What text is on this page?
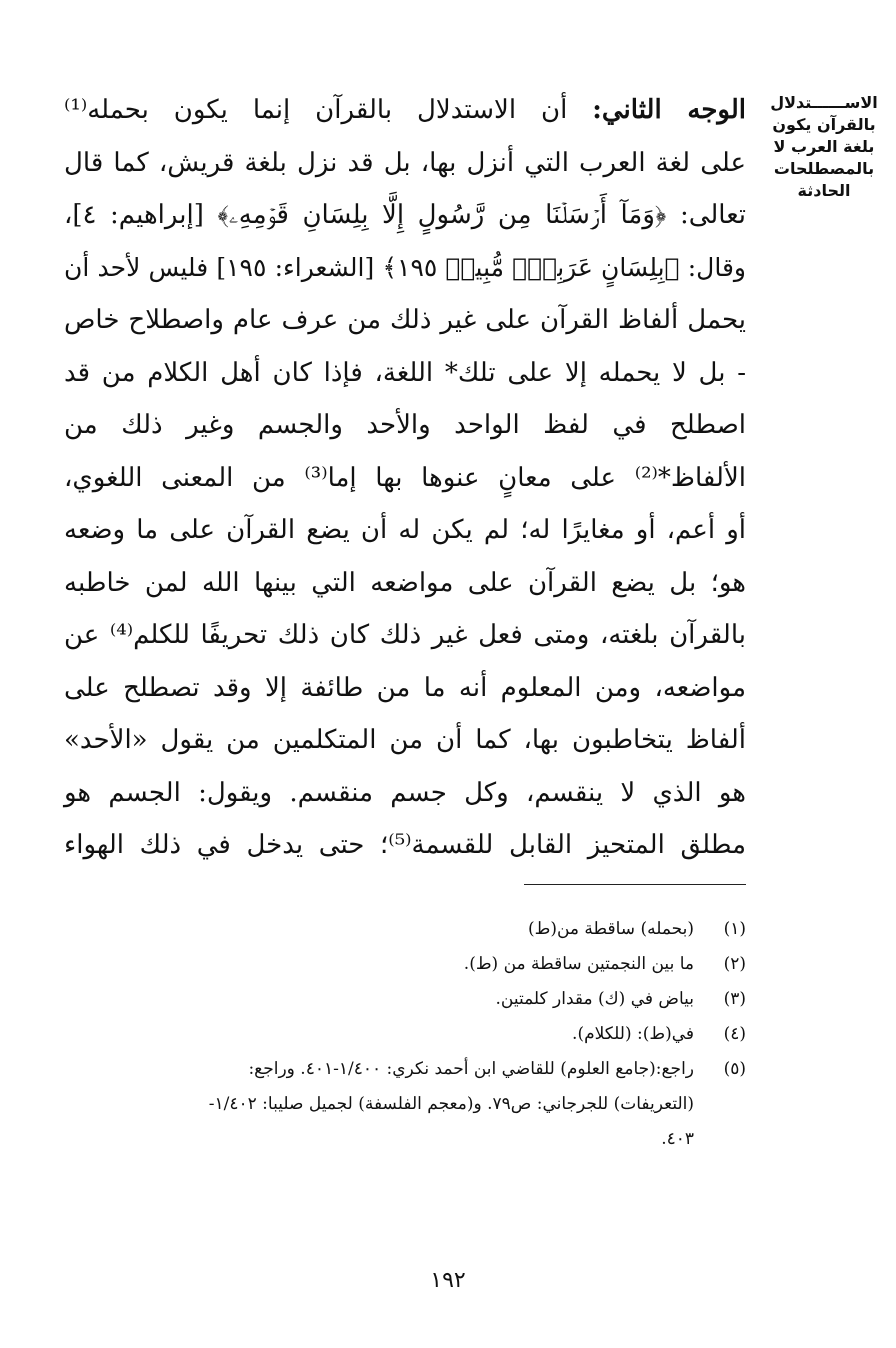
الاســــــتدلال
بالقرآن يكون
بلغة العرب لا
بالمصطلحات
الحادثة
الوجه الثاني: أن الاستدلال بالقرآن إنما يكون بحمله⁽¹⁾
على لغة العرب التي أنزل بها، بل قد نزل بلغة قريش، كما قال
تعالى: ﴿وَمَآ أَرۡسَلۡنَا مِن رَّسُولٍ إِلَّا بِلِسَانِ قَوۡمِهِۦ﴾ [إبراهيم: ٤]،
وقال: ﴿بِلِسَانٍ عَرَبِيّٖ مُّبِينٖ ١٩٥﴾ [الشعراء: ١٩٥] فليس لأحد أن
يحمل ألفاظ القرآن على غير ذلك من عرف عام واصطلاح خاص
- بل لا يحمله إلا على تلك* اللغة، فإذا كان أهل الكلام من قد
اصطلح في لفظ الواحد والأحد والجسم وغير ذلك من
الألفاظ*⁽²⁾ على معانٍ عنوها بها إما⁽³⁾ من المعنى اللغوي،
أو أعم، أو مغايرًا له؛ لم يكن له أن يضع القرآن على ما وضعه
هو؛ بل يضع القرآن على مواضعه التي بينها الله لمن خاطبه
بالقرآن بلغته، ومتى فعل غير ذلك كان ذلك تحريفًا للكلم⁽⁴⁾ عن
مواضعه، ومن المعلوم أنه ما من طائفة إلا وقد تصطلح على
ألفاظ يتخاطبون بها، كما أن من المتكلمين من يقول «الأحد»
هو الذي لا ينقسم، وكل جسم منقسم. ويقول: الجسم هو
مطلق المتحيز القابل للقسمة⁽⁵⁾؛ حتى يدخل في ذلك الهواء
(١)
(بحمله) ساقطة من(ط)
(٢)
ما بين النجمتين ساقطة من (ط).
(٣)
بياض في (ك) مقدار كلمتين.
(٤)
في(ط): (للكلام).
(٥)
راجع:(جامع العلوم) للقاضي ابن أحمد نكري: ١/٤٠٠-٤٠١. وراجع:
(التعريفات) للجرجاني: ص٧٩. و(معجم الفلسفة) لجميل صليبا: ١/٤٠٢-
٤٠٣.
١٩٢
